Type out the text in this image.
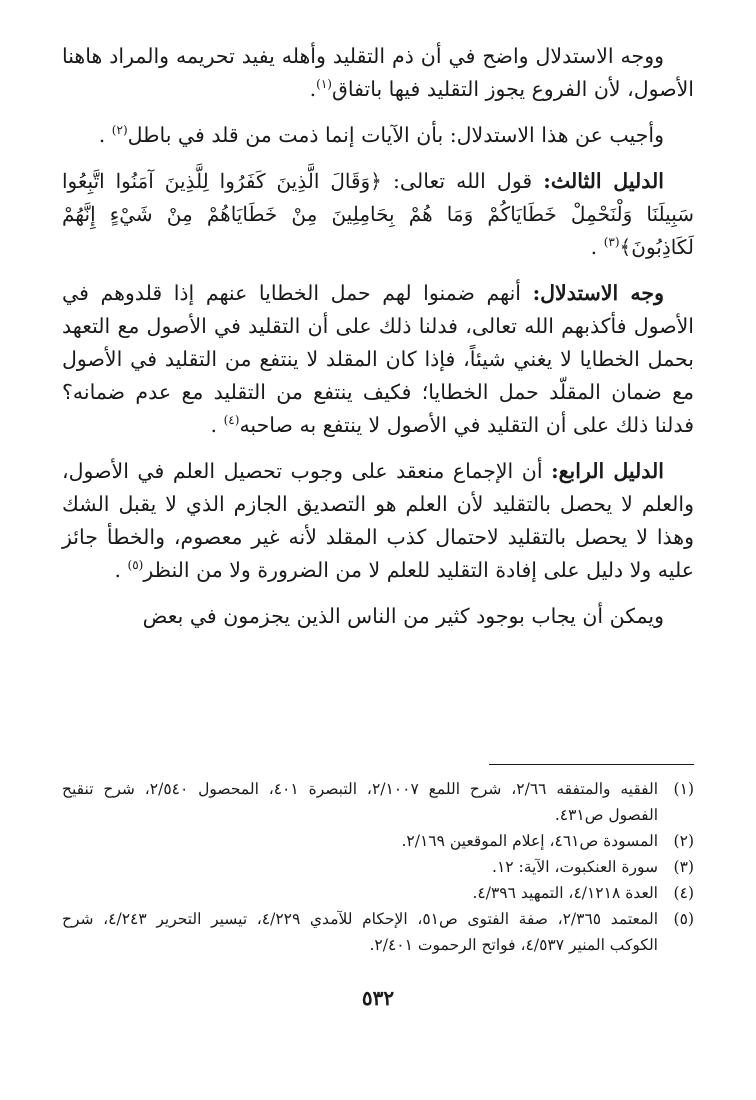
ووجه الاستدلال واضح في أن ذم التقليد وأهله يفيد تحريمه والمراد هاهنا الأصول، لأن الفروع يجوز التقليد فيها باتفاق$^{(١)}$.

وأجيب عن هذا الاستدلال: بأن الآيات إنما ذمت من قلد في باطل$^{(٢)}$ .

الدليل الثالث: قول الله تعالى: ﴿وَقَالَ الَّذِينَ كَفَرُوا لِلَّذِينَ آمَنُوا اتَّبِعُوا سَبِيلَنَا وَلْنَحْمِلْ خَطَايَاكُمْ وَمَا هُمْ بِحَامِلِينَ مِنْ خَطَايَاهُمْ مِنْ شَيْءٍ إِنَّهُمْ لَكَاذِبُونَ﴾$^{(٣)}$ .

وجه الاستدلال: أنهم ضمنوا لهم حمل الخطايا عنهم إذا قلدوهم في الأصول فأكذبهم الله تعالى، فدلنا ذلك على أن التقليد في الأصول مع التعهد بحمل الخطايا لا يغني شيئاً، فإذا كان المقلد لا ينتفع من التقليد في الأصول مع ضمان المقلّد حمل الخطايا؛ فكيف ينتفع من التقليد مع عدم ضمانه؟ فدلنا ذلك على أن التقليد في الأصول لا ينتفع به صاحبه$^{(٤)}$ .

الدليل الرابع: أن الإجماع منعقد على وجوب تحصيل العلم في الأصول، والعلم لا يحصل بالتقليد لأن العلم هو التصديق الجازم الذي لا يقبل الشك وهذا لا يحصل بالتقليد لاحتمال كذب المقلد لأنه غير معصوم، والخطأ جائز عليه ولا دليل على إفادة التقليد للعلم لا من الضرورة ولا من النظر$^{(٥)}$ .

ويمكن أن يجاب بوجود كثير من الناس الذين يجزمون في بعض

(١)
الفقيه والمتفقه ٢/٦٦، شرح اللمع ٢/١٠٠٧، التبصرة ٤٠١، المحصول ٢/٥٤٠، شرح تنقيح الفصول ص٤٣١.
(٢)
المسودة ص٤٦١، إعلام الموقعين ٢/١٦٩.
(٣)
سورة العنكبوت، الآية: ١٢.
(٤)
العدة ٤/١٢١٨، التمهيد ٤/٣٩٦.
(٥)
المعتمد ٢/٣٦٥، صفة الفتوى ص٥١، الإحكام للآمدي ٤/٢٢٩، تيسير التحرير ٤/٢٤٣، شرح الكوكب المنير ٤/٥٣٧، فواتح الرحموت ٢/٤٠١.
٥٣٢
